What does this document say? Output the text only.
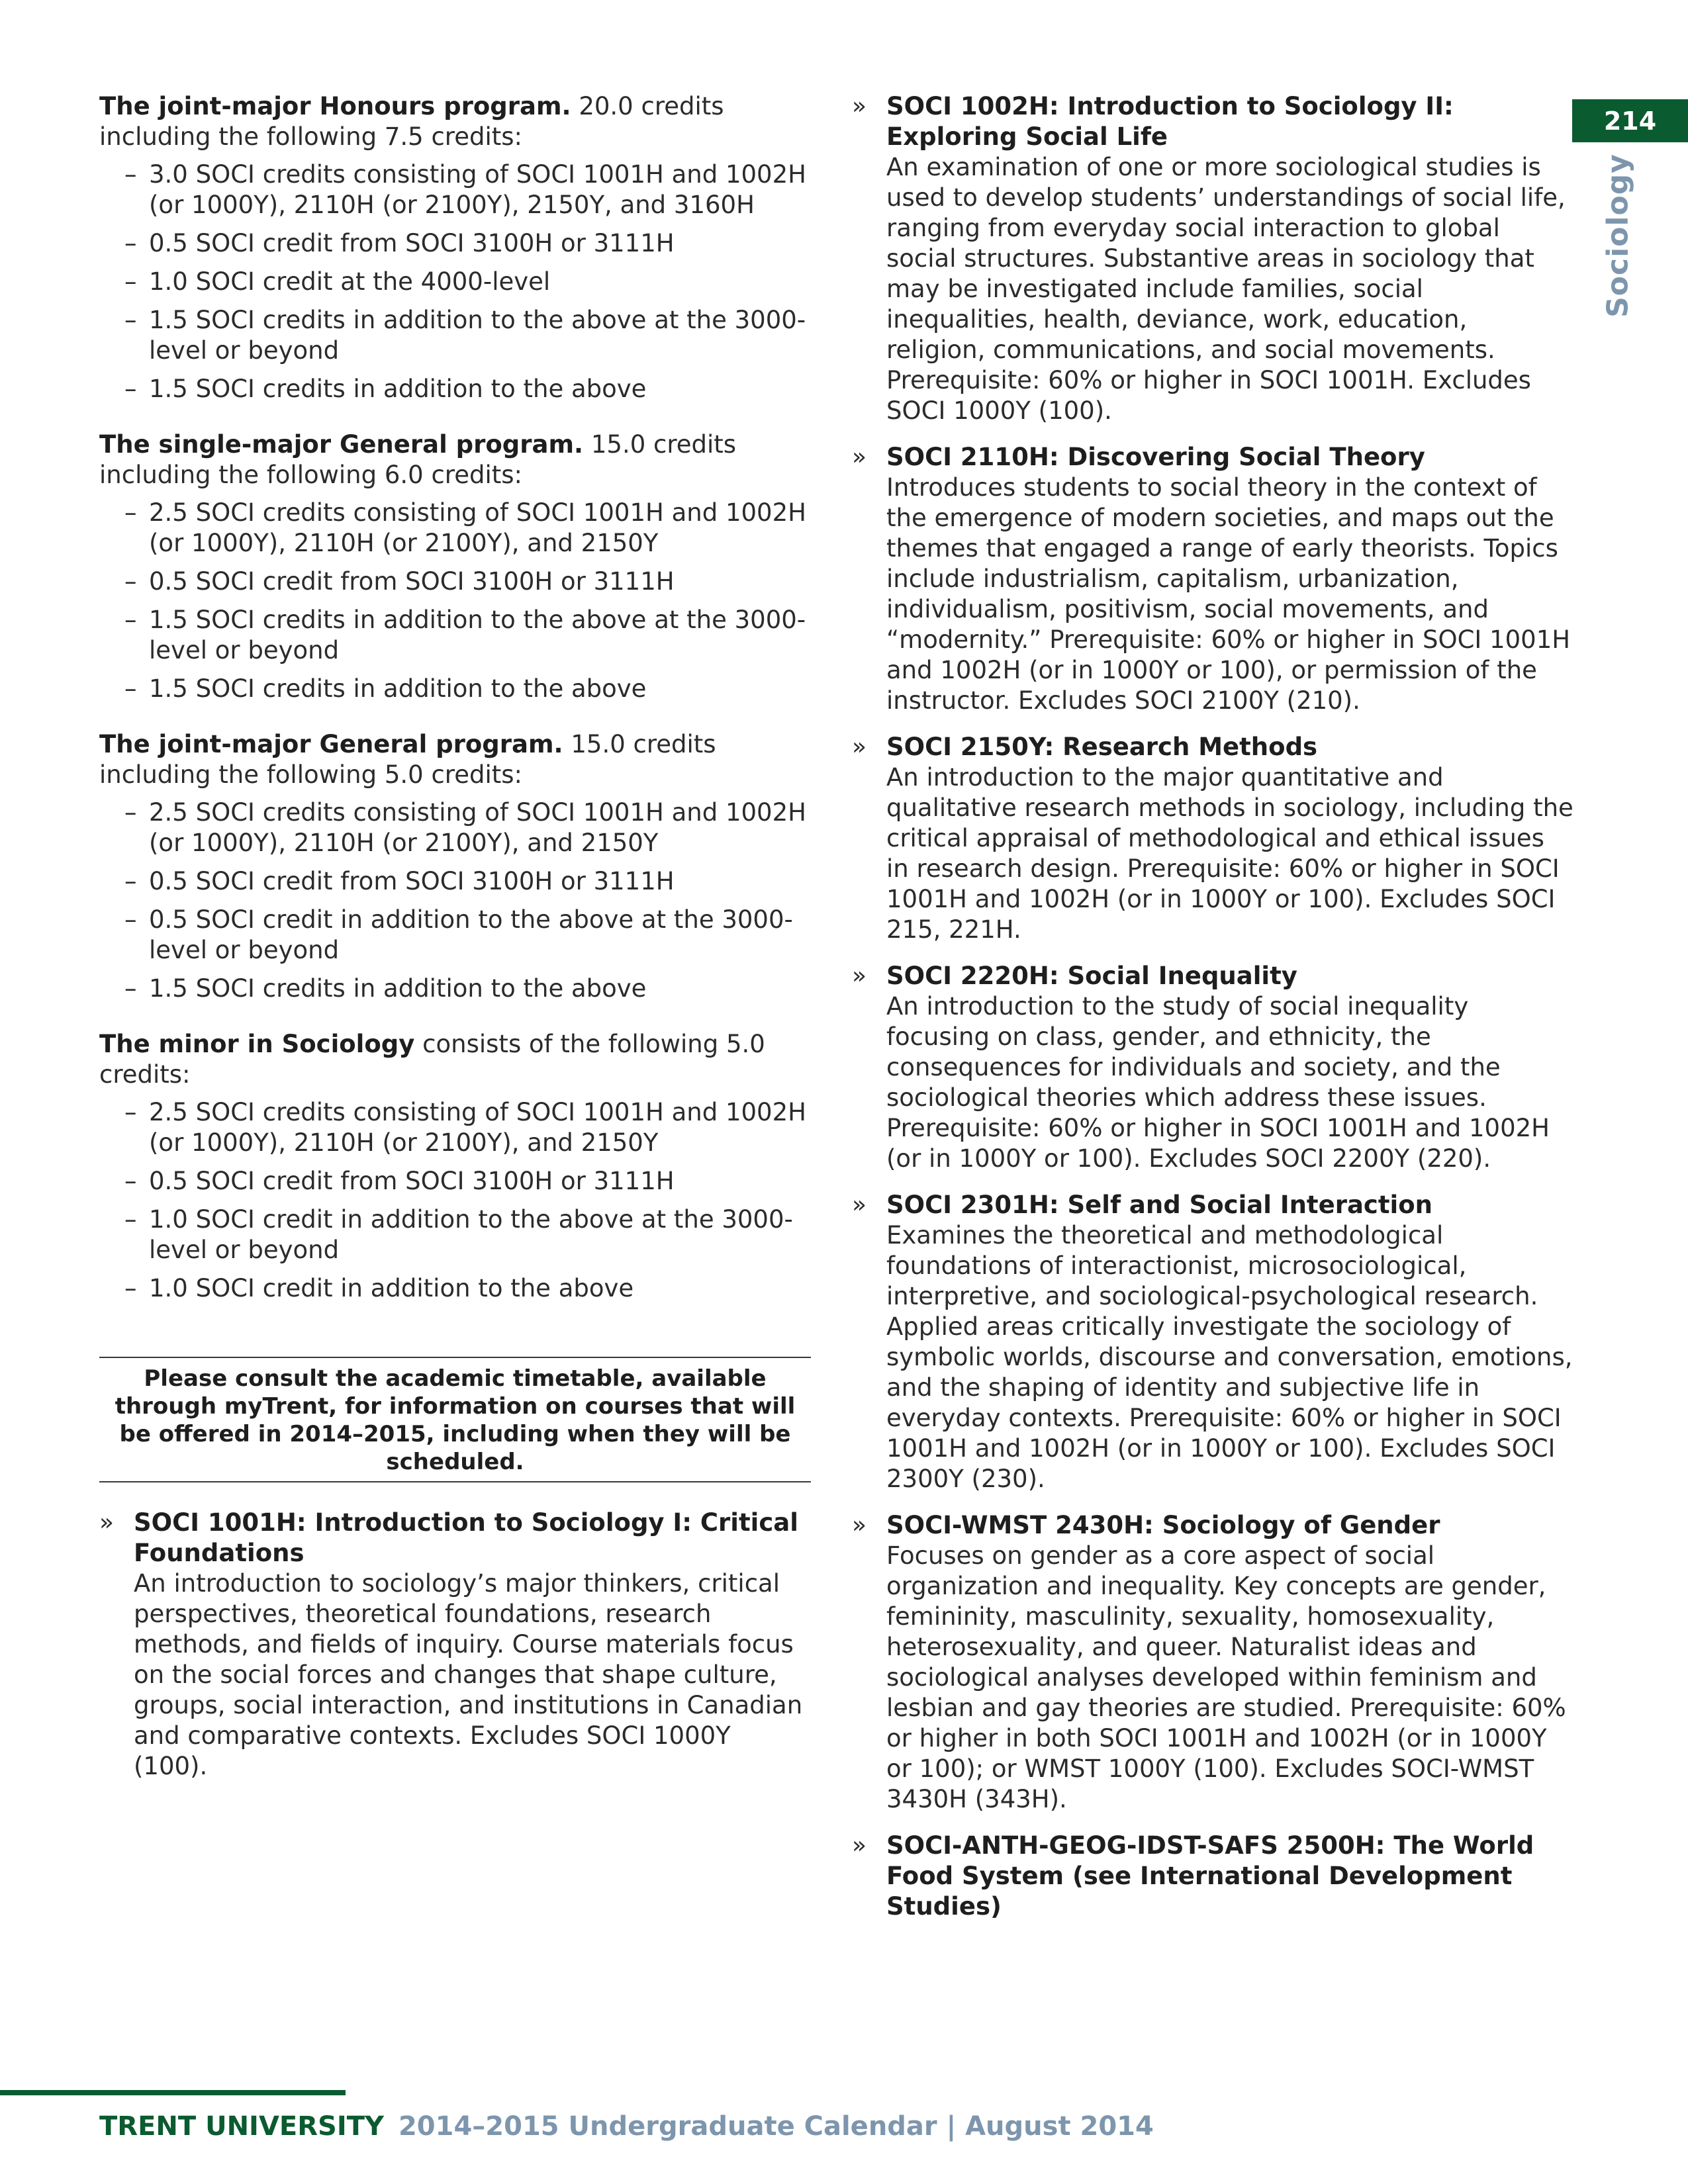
214
Sociology

The joint-major Honours program. 20.0 credits including the following 7.5 credits:

– 3.0 SOCI credits consisting of SOCI 1001H and 1002H (or 1000Y), 2110H (or 2100Y), 2150Y, and 3160H
– 0.5 SOCI credit from SOCI 3100H or 3111H
– 1.0 SOCI credit at the 4000-level
– 1.5 SOCI credits in addition to the above at the 3000-level or beyond
– 1.5 SOCI credits in addition to the above

The single-major General program. 15.0 credits including the following 6.0 credits:

– 2.5 SOCI credits consisting of SOCI 1001H and 1002H (or 1000Y), 2110H (or 2100Y), and 2150Y
– 0.5 SOCI credit from SOCI 3100H or 3111H
– 1.5 SOCI credits in addition to the above at the 3000-level or beyond
– 1.5 SOCI credits in addition to the above

The joint-major General program. 15.0 credits including the following 5.0 credits:

– 2.5 SOCI credits consisting of SOCI 1001H and 1002H (or 1000Y), 2110H (or 2100Y), and 2150Y
– 0.5 SOCI credit from SOCI 3100H or 3111H
– 0.5 SOCI credit in addition to the above at the 3000-level or beyond
– 1.5 SOCI credits in addition to the above

The minor in Sociology consists of the following 5.0 credits:

– 2.5 SOCI credits consisting of SOCI 1001H and 1002H (or 1000Y), 2110H (or 2100Y), and 2150Y
– 0.5 SOCI credit from SOCI 3100H or 3111H
– 1.0 SOCI credit in addition to the above at the 3000-level or beyond
– 1.0 SOCI credit in addition to the above
Please consult the academic timetable, available through myTrent, for information on courses that will be offered in 2014–2015, including when they will be scheduled.
» SOCI 1001H: Introduction to Sociology I: Critical Foundations
An introduction to sociology’s major thinkers, critical perspectives, theoretical foundations, research methods, and fields of inquiry. Course materials focus on the social forces and changes that shape culture, groups, social interaction, and institutions in Canadian and comparative contexts. Excludes SOCI 1000Y (100).
» SOCI 1002H: Introduction to Sociology II: Exploring Social Life
An examination of one or more sociological studies is used to develop students’ understandings of social life, ranging from everyday social interaction to global social structures. Substantive areas in sociology that may be investigated include families, social inequalities, health, deviance, work, education, religion, communications, and social movements. Prerequisite: 60% or higher in SOCI 1001H. Excludes SOCI 1000Y (100).
» SOCI 2110H: Discovering Social Theory
Introduces students to social theory in the context of the emergence of modern societies, and maps out the themes that engaged a range of early theorists. Topics include industrialism, capitalism, urbanization, individualism, positivism, social movements, and “modernity.” Prerequisite: 60% or higher in SOCI 1001H and 1002H (or in 1000Y or 100), or permission of the instructor. Excludes SOCI 2100Y (210).
» SOCI 2150Y: Research Methods
An introduction to the major quantitative and qualitative research methods in sociology, including the critical appraisal of methodological and ethical issues in research design. Prerequisite: 60% or higher in SOCI 1001H and 1002H (or in 1000Y or 100). Excludes SOCI 215, 221H.
» SOCI 2220H: Social Inequality
An introduction to the study of social inequality focusing on class, gender, and ethnicity, the consequences for individuals and society, and the sociological theories which address these issues. Prerequisite: 60% or higher in SOCI 1001H and 1002H (or in 1000Y or 100). Excludes SOCI 2200Y (220).
» SOCI 2301H: Self and Social Interaction
Examines the theoretical and methodological foundations of interactionist, microsociological, interpretive, and sociological-psychological research. Applied areas critically investigate the sociology of symbolic worlds, discourse and conversation, emotions, and the shaping of identity and subjective life in everyday contexts. Prerequisite: 60% or higher in SOCI 1001H and 1002H (or in 1000Y or 100). Excludes SOCI 2300Y (230).
» SOCI-WMST 2430H: Sociology of Gender
Focuses on gender as a core aspect of social organization and inequality. Key concepts are gender, femininity, masculinity, sexuality, homosexuality, heterosexuality, and queer. Naturalist ideas and sociological analyses developed within feminism and lesbian and gay theories are studied. Prerequisite: 60% or higher in both SOCI 1001H and 1002H (or in 1000Y or 100); or WMST 1000Y (100). Excludes SOCI-WMST 3430H (343H).
» SOCI-ANTH-GEOG-IDST-SAFS 2500H: The World Food System (see International Development Studies)
TRENT UNIVERSITY 2014–2015 Undergraduate Calendar | August 2014
